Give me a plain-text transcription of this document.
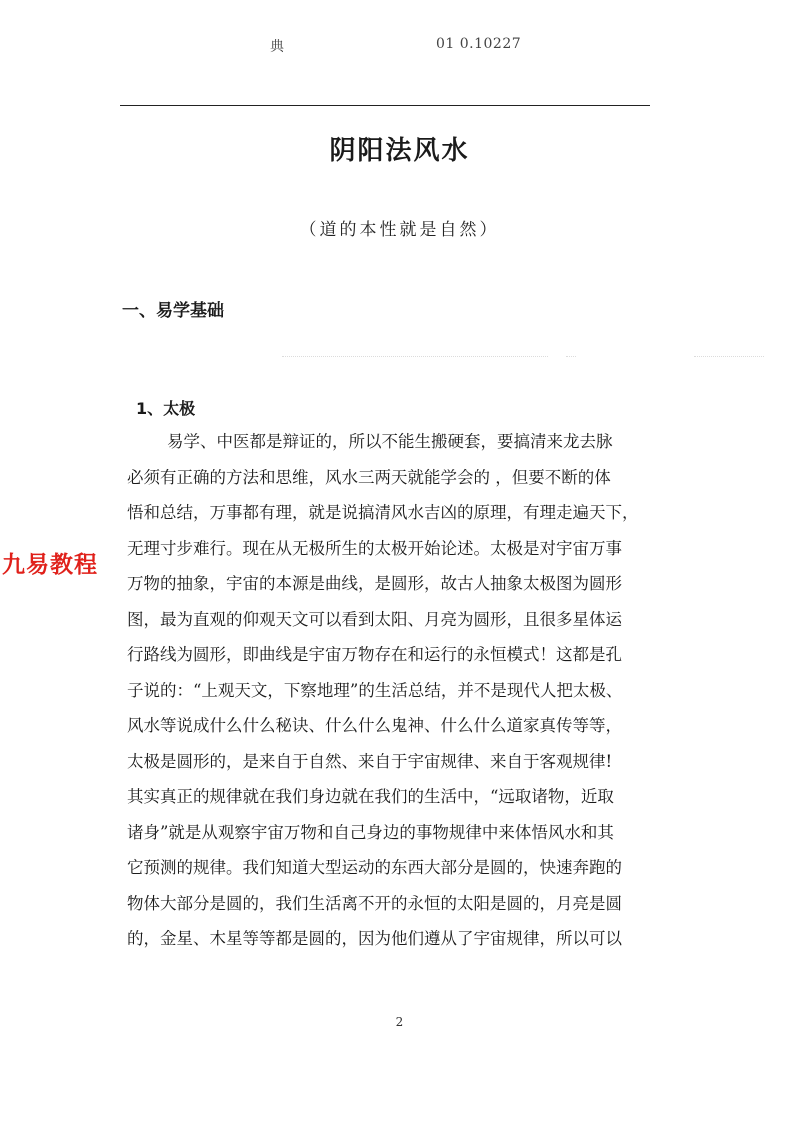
典	01 0.10227
阴阳法风水
（道的本性就是自然）
一、易学基础
1、太极
易学、中医都是辩证的，所以不能生搬硬套，要搞清来龙去脉
必须有正确的方法和思维，风水三两天就能学会的 ，但要不断的体
悟和总结，万事都有理，就是说搞清风水吉凶的原理，有理走遍天下，
无理寸步难行。现在从无极所生的太极开始论述。太极是对宇宙万事
万物的抽象，宇宙的本源是曲线，是圆形，故古人抽象太极图为圆形
图，最为直观的仰观天文可以看到太阳、月亮为圆形，且很多星体运
行路线为圆形，即曲线是宇宙万物存在和运行的永恒模式！这都是孔
子说的：“上观天文，下察地理”的生活总结，并不是现代人把太极、
风水等说成什么什么秘诀、什么什么鬼神、什么什么道家真传等等，
太极是圆形的，是来自于自然、来自于宇宙规律、来自于客观规律!
其实真正的规律就在我们身边就在我们的生活中，“远取诸物，近取
诸身”就是从观察宇宙万物和自己身边的事物规律中来体悟风水和其
它预测的规律。我们知道大型运动的东西大部分是圆的，快速奔跑的
物体大部分是圆的，我们生活离不开的永恒的太阳是圆的，月亮是圆
的，金星、木星等等都是圆的，因为他们遵从了宇宙规律，所以可以
九易教程
2
